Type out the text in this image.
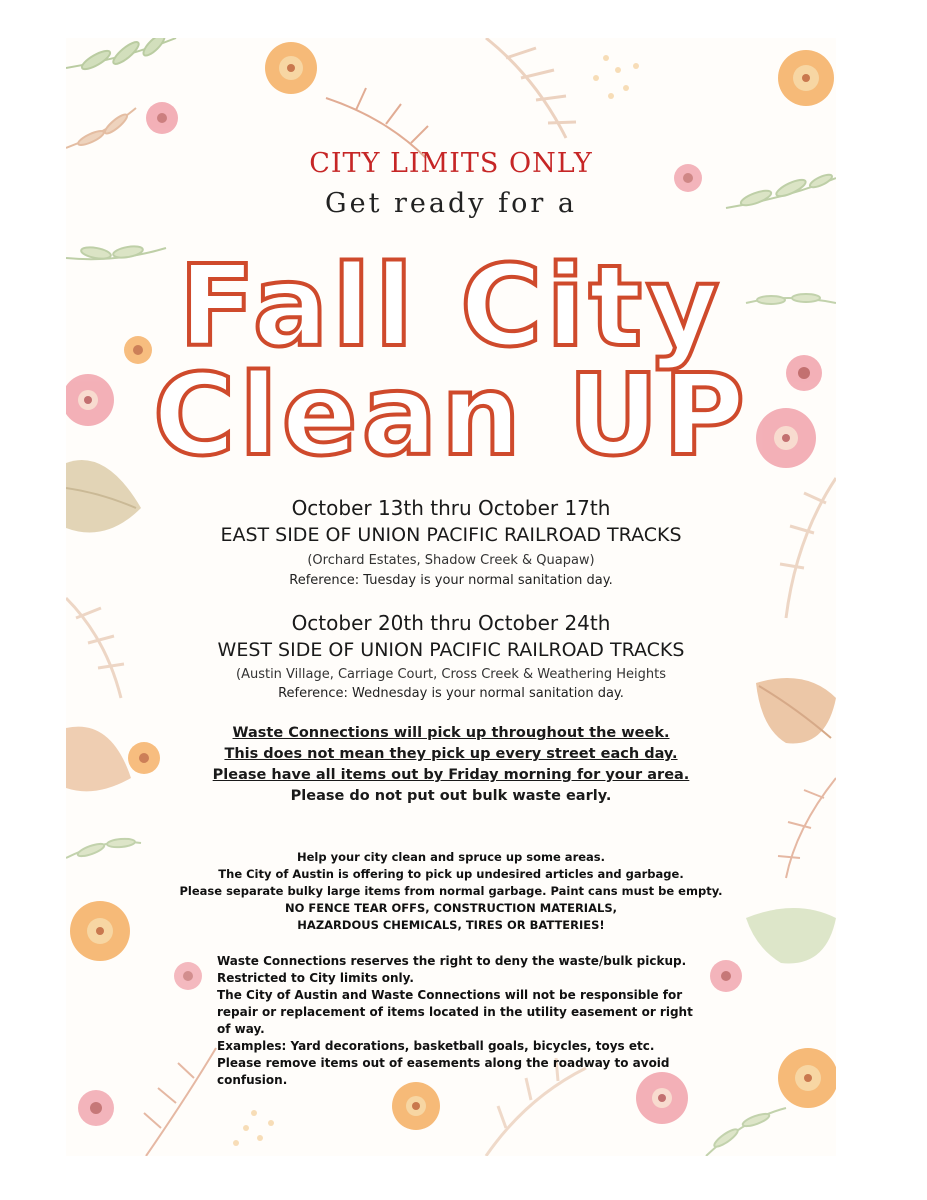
CITY LIMITS ONLY
Get ready for a
Fall City
Clean UP
October 13th thru October 17th
EAST SIDE OF UNION PACIFIC RAILROAD TRACKS
(Orchard Estates, Shadow Creek & Quapaw)
Reference: Tuesday is your normal sanitation day.
October 20th thru October 24th
WEST SIDE OF UNION PACIFIC RAILROAD TRACKS
(Austin Village, Carriage Court, Cross Creek & Weathering Heights
Reference: Wednesday is your normal sanitation day.
Waste Connections will pick up throughout the week.
This does not mean they pick up every street each day.
Please have all items out by Friday morning for your area.
Please do not put out bulk waste early.
Help your city clean and spruce up some areas.
The City of Austin is offering to pick up undesired articles and garbage.
Please separate bulky large items from normal garbage. Paint cans must be empty.
NO FENCE TEAR OFFS, CONSTRUCTION MATERIALS,
HAZARDOUS CHEMICALS, TIRES OR BATTERIES!
Waste Connections reserves the right to deny the waste/bulk pickup.
Restricted to City limits only.
The City of Austin and Waste Connections will not be responsible for
repair or replacement of items located in the utility easement or right
of way.
Examples: Yard decorations, basketball goals, bicycles, toys etc.
Please remove items out of easements along the roadway to avoid
confusion.
